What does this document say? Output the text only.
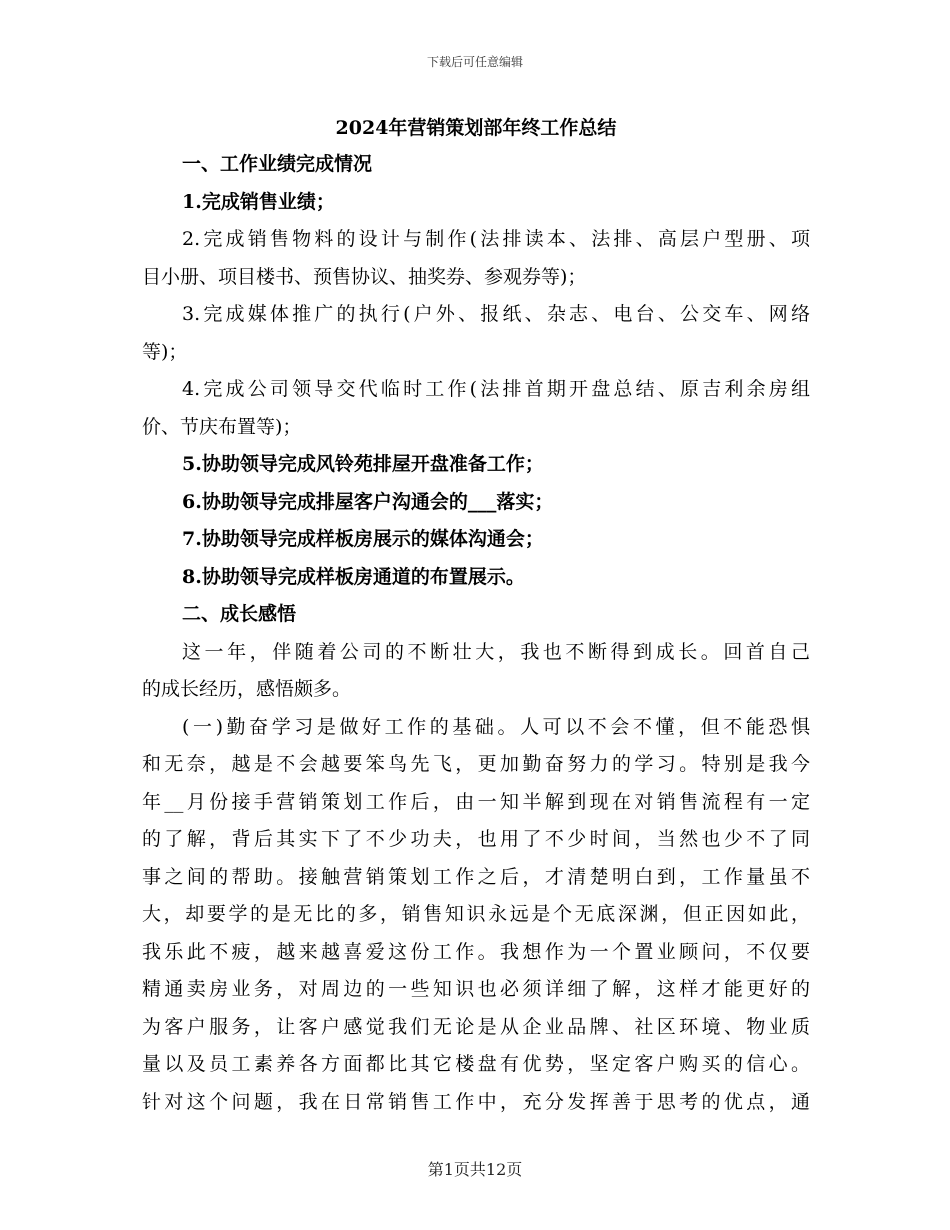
下载后可任意编辑
2024年营销策划部年终工作总结
一、工作业绩完成情况
1.完成销售业绩；
2.完成销售物料的设计与制作(法排读本、法排、高层户型册、项
目小册、项目楼书、预售协议、抽奖券、参观券等)；
3.完成媒体推广的执行(户外、报纸、杂志、电台、公交车、网络
等)；
4.完成公司领导交代临时工作(法排首期开盘总结、原吉利余房组
价、节庆布置等)；
5.协助领导完成风铃苑排屋开盘准备工作；
6.协助领导完成排屋客户沟通会的___落实；
7.协助领导完成样板房展示的媒体沟通会；
8.协助领导完成样板房通道的布置展示。
二、成长感悟
这一年，伴随着公司的不断壮大，我也不断得到成长。回首自己
的成长经历，感悟颇多。
(一)勤奋学习是做好工作的基础。人可以不会不懂，但不能恐惧
和无奈，越是不会越要笨鸟先飞，更加勤奋努力的学习。特别是我今
年__月份接手营销策划工作后，由一知半解到现在对销售流程有一定
的了解，背后其实下了不少功夫，也用了不少时间，当然也少不了同
事之间的帮助。接触营销策划工作之后，才清楚明白到，工作量虽不
大，却要学的是无比的多，销售知识永远是个无底深渊，但正因如此，
我乐此不疲，越来越喜爱这份工作。我想作为一个置业顾问，不仅要
精通卖房业务，对周边的一些知识也必须详细了解，这样才能更好的
为客户服务，让客户感觉我们无论是从企业品牌、社区环境、物业质
量以及员工素养各方面都比其它楼盘有优势，坚定客户购买的信心。
针对这个问题，我在日常销售工作中，充分发挥善于思考的优点，通
第1页共12页
